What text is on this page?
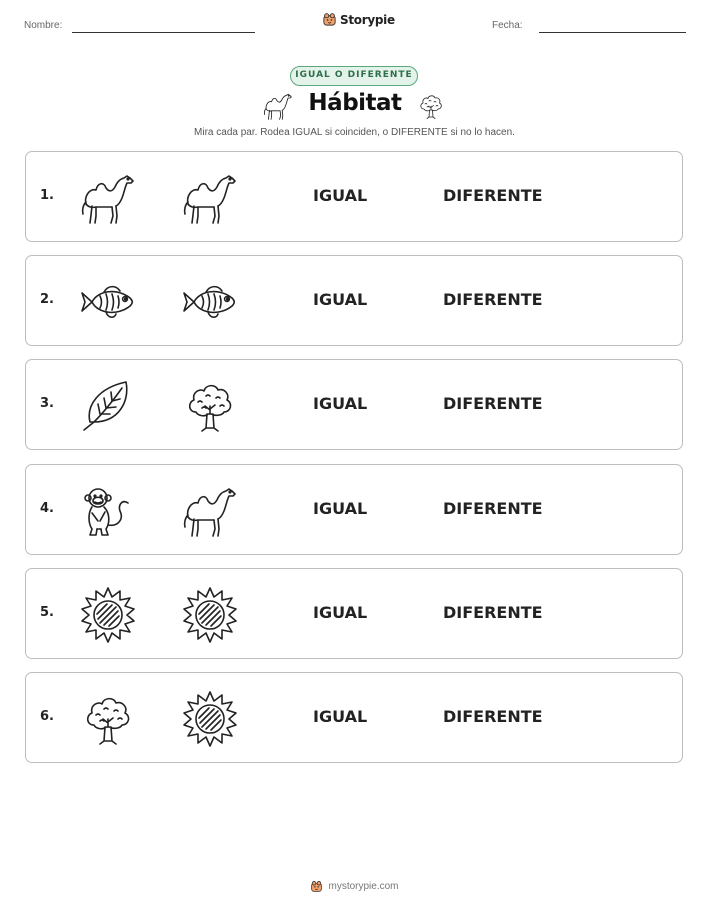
Nombre:	Storypie	Fecha:
IGUAL O DIFERENTE
Hábitat
Mira cada par. Rodea IGUAL si coinciden, o DIFERENTE si no lo hacen.
1.	IGUAL	DIFERENTE
2.	IGUAL	DIFERENTE
3.	IGUAL	DIFERENTE
4.	IGUAL	DIFERENTE
5.	IGUAL	DIFERENTE
6.	IGUAL	DIFERENTE
mystorypie.com
